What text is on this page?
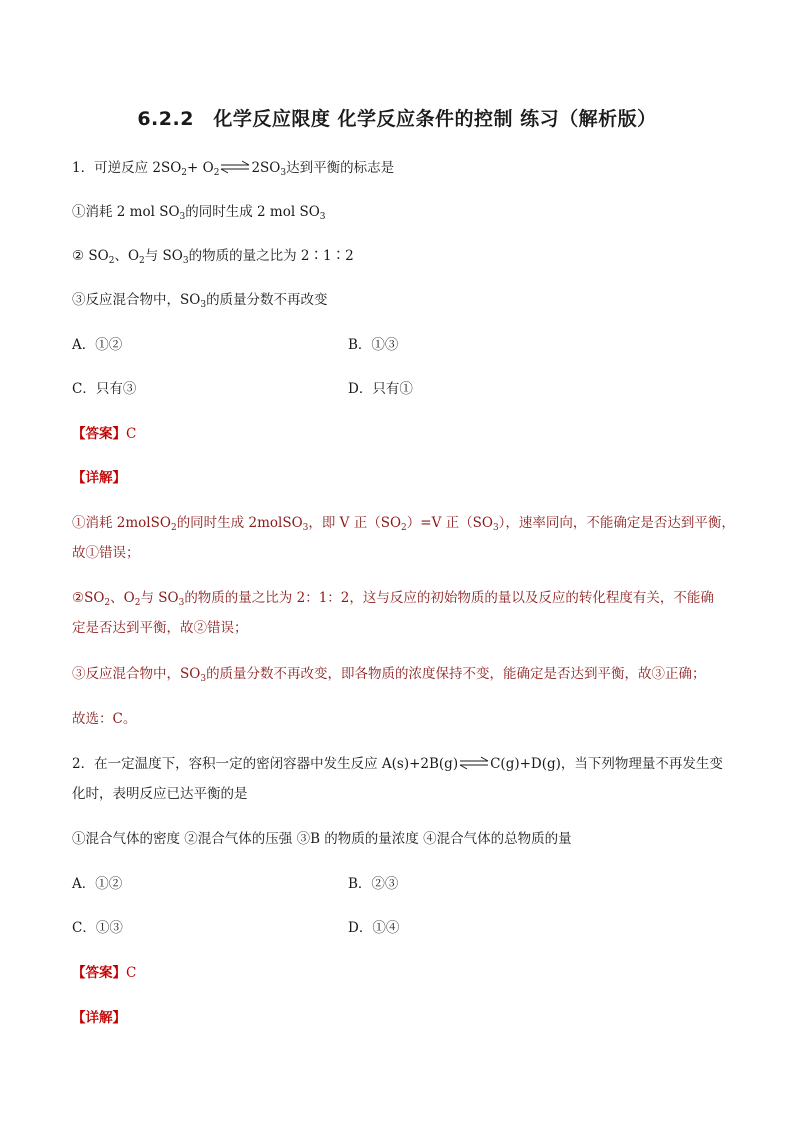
6.2.2　化学反应限度 化学反应条件的控制 练习（解析版）
1．可逆反应 $2SO_2+$ $O_2\rightleftharpoons 2SO_3$达到平衡的标志是
①消耗 2 mol $SO_3$的同时生成 2 mol $SO_3$
② $SO_2$、$O_2$与 $SO_3$的物质的量之比为 2∶1∶2
③反应混合物中，$SO_3$的质量分数不再改变
A．①②	B．①③
C．只有③	D．只有①
【答案】C
【详解】
①消耗 2molSO$_2$的同时生成 2molSO$_3$，即 V 正$(SO_2)=V$ 正$(SO_3)$，速率同向，不能确定是否达到平衡，
故①错误；
$②SO_2$、$O_2$与 $SO_3$的物质的量之比为 2：1：2，这与反应的初始物质的量以及反应的转化程度有关，不能确
定是否达到平衡，故②错误；
③反应混合物中，$SO_3$的质量分数不再改变，即各物质的浓度保持不变，能确定是否达到平衡，故③正确；
故选：C。
2．在一定温度下，容积一定的密闭容器中发生反应 A(s)+2B(g)⇌C(g)+D(g)，当下列物理量不再发生变
化时，表明反应已达平衡的是
①混合气体的密度 ②混合气体的压强 ③B 的物质的量浓度 ④混合气体的总物质的量
A．①②	B．②③
C．①③	D．①④
【答案】C
【详解】
